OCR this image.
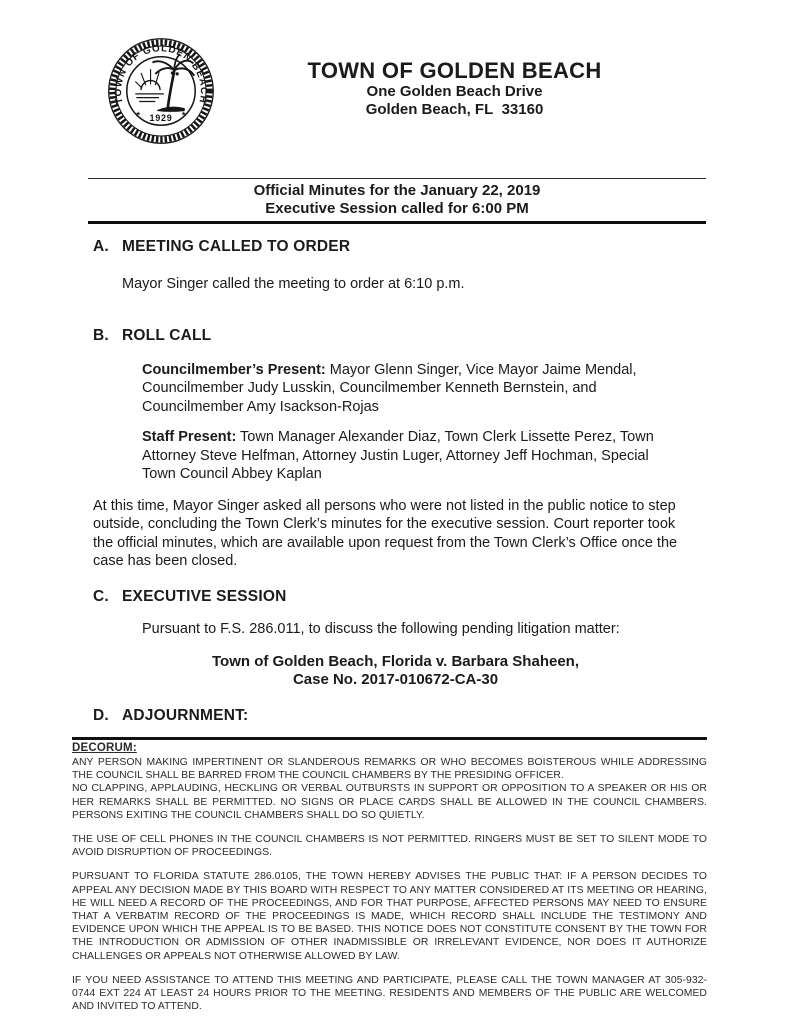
TOWN OF GOLDEN BEACH
★ 1929 ★
TOWN OF GOLDEN BEACH
One Golden Beach Drive
Golden Beach, FL  33160
Official Minutes for the January 22, 2019
Executive Session called for 6:00 PM
A. MEETING CALLED TO ORDER
Mayor Singer called the meeting to order at 6:10 p.m.
B. ROLL CALL
Councilmember’s Present: Mayor Glenn Singer, Vice Mayor Jaime Mendal, Councilmember Judy Lusskin, Councilmember Kenneth Bernstein, and Councilmember Amy Isackson-Rojas
Staff Present: Town Manager Alexander Diaz, Town Clerk Lissette Perez, Town Attorney Steve Helfman, Attorney Justin Luger, Attorney Jeff Hochman, Special Town Council Abbey Kaplan
At this time, Mayor Singer asked all persons who were not listed in the public notice to step outside, concluding the Town Clerk’s minutes for the executive session. Court reporter took the official minutes, which are available upon request from the Town Clerk’s Office once the case has been closed.
C. EXECUTIVE SESSION
Pursuant to F.S. 286.011, to discuss the following pending litigation matter:
Town of Golden Beach, Florida v. Barbara Shaheen,
Case No. 2017-010672-CA-30
D. ADJOURNMENT:
DECORUM:

ANY PERSON MAKING IMPERTINENT OR SLANDEROUS REMARKS OR WHO BECOMES BOISTEROUS WHILE ADDRESSING THE COUNCIL SHALL BE BARRED FROM THE COUNCIL CHAMBERS BY THE PRESIDING OFFICER.

NO CLAPPING, APPLAUDING, HECKLING OR VERBAL OUTBURSTS IN SUPPORT OR OPPOSITION TO A SPEAKER OR HIS OR HER REMARKS SHALL BE PERMITTED. NO SIGNS OR PLACE CARDS SHALL BE ALLOWED IN THE COUNCIL CHAMBERS. PERSONS EXITING THE COUNCIL CHAMBERS SHALL DO SO QUIETLY.

THE USE OF CELL PHONES IN THE COUNCIL CHAMBERS IS NOT PERMITTED. RINGERS MUST BE SET TO SILENT MODE TO AVOID DISRUPTION OF PROCEEDINGS.

PURSUANT TO FLORIDA STATUTE 286.0105, THE TOWN HEREBY ADVISES THE PUBLIC THAT: IF A PERSON DECIDES TO APPEAL ANY DECISION MADE BY THIS BOARD WITH RESPECT TO ANY MATTER CONSIDERED AT ITS MEETING OR HEARING, HE WILL NEED A RECORD OF THE PROCEEDINGS, AND FOR THAT PURPOSE, AFFECTED PERSONS MAY NEED TO ENSURE THAT A VERBATIM RECORD OF THE PROCEEDINGS IS MADE, WHICH RECORD SHALL INCLUDE THE TESTIMONY AND EVIDENCE UPON WHICH THE APPEAL IS TO BE BASED. THIS NOTICE DOES NOT CONSTITUTE CONSENT BY THE TOWN FOR THE INTRODUCTION OR ADMISSION OF OTHER INADMISSIBLE OR IRRELEVANT EVIDENCE, NOR DOES IT AUTHORIZE CHALLENGES OR APPEALS NOT OTHERWISE ALLOWED BY LAW.

IF YOU NEED ASSISTANCE TO ATTEND THIS MEETING AND PARTICIPATE, PLEASE CALL THE TOWN MANAGER AT 305-932-0744 EXT 224 AT LEAST 24 HOURS PRIOR TO THE MEETING. RESIDENTS AND MEMBERS OF THE PUBLIC ARE WELCOMED AND INVITED TO ATTEND.
